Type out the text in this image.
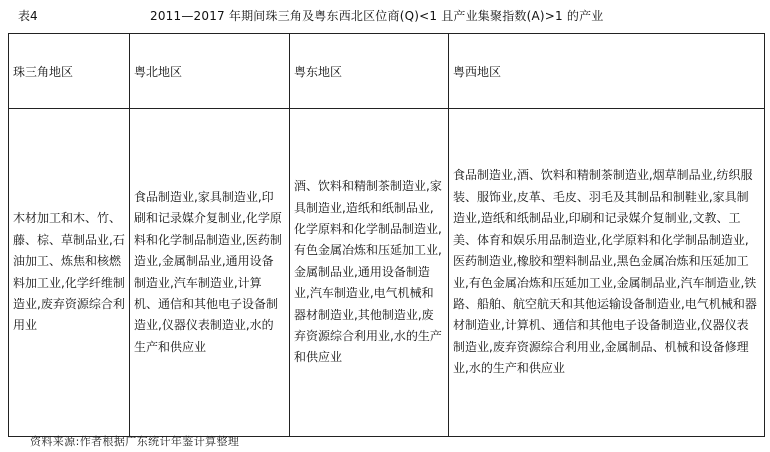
表4	2011—2017 年期间珠三角及粤东西北区位商(Q)<1 且产业集聚指数(A)>1 的产业
珠三角地区	粤北地区	粤东地区	粤西地区
木材加工和木、竹、藤、棕、草制品业,石油加工、炼焦和核燃料加工业,化学纤维制造业,废弃资源综合利用业	食品制造业,家具制造业,印刷和记录媒介复制业,化学原料和化学制品制造业,医药制造业,金属制品业,通用设备制造业,汽车制造业,计算机、通信和其他电子设备制造业,仪器仪表制造业,水的生产和供应业	酒、饮料和精制茶制造业,家具制造业,造纸和纸制品业,化学原料和化学制品制造业,有色金属冶炼和压延加工业,金属制品业,通用设备制造业,汽车制造业,电气机械和器材制造业,其他制造业,废弃资源综合利用业,水的生产和供应业	食品制造业,酒、饮料和精制茶制造业,烟草制品业,纺织服装、服饰业,皮革、毛皮、羽毛及其制品和制鞋业,家具制造业,造纸和纸制品业,印刷和记录媒介复制业,文教、工美、体育和娱乐用品制造业,化学原料和化学制品制造业,医药制造业,橡胶和塑料制品业,黑色金属冶炼和压延加工业,有色金属冶炼和压延加工业,金属制品业,汽车制造业,铁路、船舶、航空航天和其他运输设备制造业,电气机械和器材制造业,计算机、通信和其他电子设备制造业,仪器仪表制造业,废弃资源综合利用业,金属制品、机械和设备修理业,水的生产和供应业
资料来源:作者根据广东统计年鉴计算整理
